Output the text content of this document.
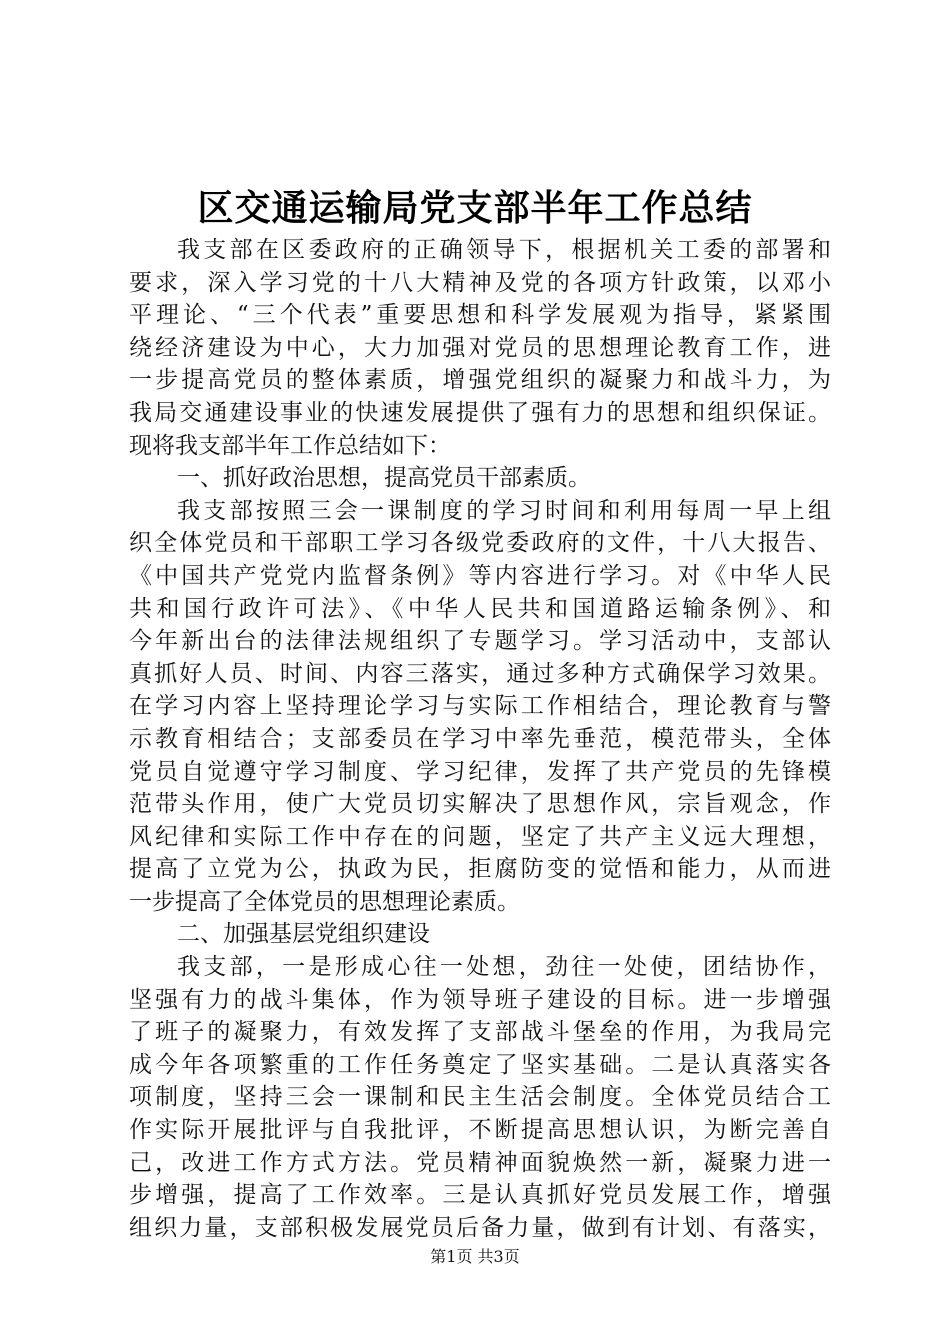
区交通运输局党支部半年工作总结
我支部在区委政府的正确领导下，根据机关工委的部署和
要求，深入学习党的十八大精神及党的各项方针政策，以邓小
平理论、“三个代表”重要思想和科学发展观为指导，紧紧围
绕经济建设为中心，大力加强对党员的思想理论教育工作，进
一步提高党员的整体素质，增强党组织的凝聚力和战斗力，为
我局交通建设事业的快速发展提供了强有力的思想和组织保证。
现将我支部半年工作总结如下：
一、抓好政治思想，提高党员干部素质。
我支部按照三会一课制度的学习时间和利用每周一早上组
织全体党员和干部职工学习各级党委政府的文件，十八大报告、
《中国共产党党内监督条例》等内容进行学习。对《中华人民
共和国行政许可法》、《中华人民共和国道路运输条例》、和
今年新出台的法律法规组织了专题学习。学习活动中，支部认
真抓好人员、时间、内容三落实，通过多种方式确保学习效果。
在学习内容上坚持理论学习与实际工作相结合，理论教育与警
示教育相结合；支部委员在学习中率先垂范，模范带头，全体
党员自觉遵守学习制度、学习纪律，发挥了共产党员的先锋模
范带头作用，使广大党员切实解决了思想作风，宗旨观念，作
风纪律和实际工作中存在的问题，坚定了共产主义远大理想，
提高了立党为公，执政为民，拒腐防变的觉悟和能力，从而进
一步提高了全体党员的思想理论素质。
二、加强基层党组织建设
我支部，一是形成心往一处想，劲往一处使，团结协作，
坚强有力的战斗集体，作为领导班子建设的目标。进一步增强
了班子的凝聚力，有效发挥了支部战斗堡垒的作用，为我局完
成今年各项繁重的工作任务奠定了坚实基础。二是认真落实各
项制度，坚持三会一课制和民主生活会制度。全体党员结合工
作实际开展批评与自我批评，不断提高思想认识，为断完善自
己，改进工作方式方法。党员精神面貌焕然一新，凝聚力进一
步增强，提高了工作效率。三是认真抓好党员发展工作，增强
组织力量，支部积极发展党员后备力量，做到有计划、有落实，
第1页 共3页
